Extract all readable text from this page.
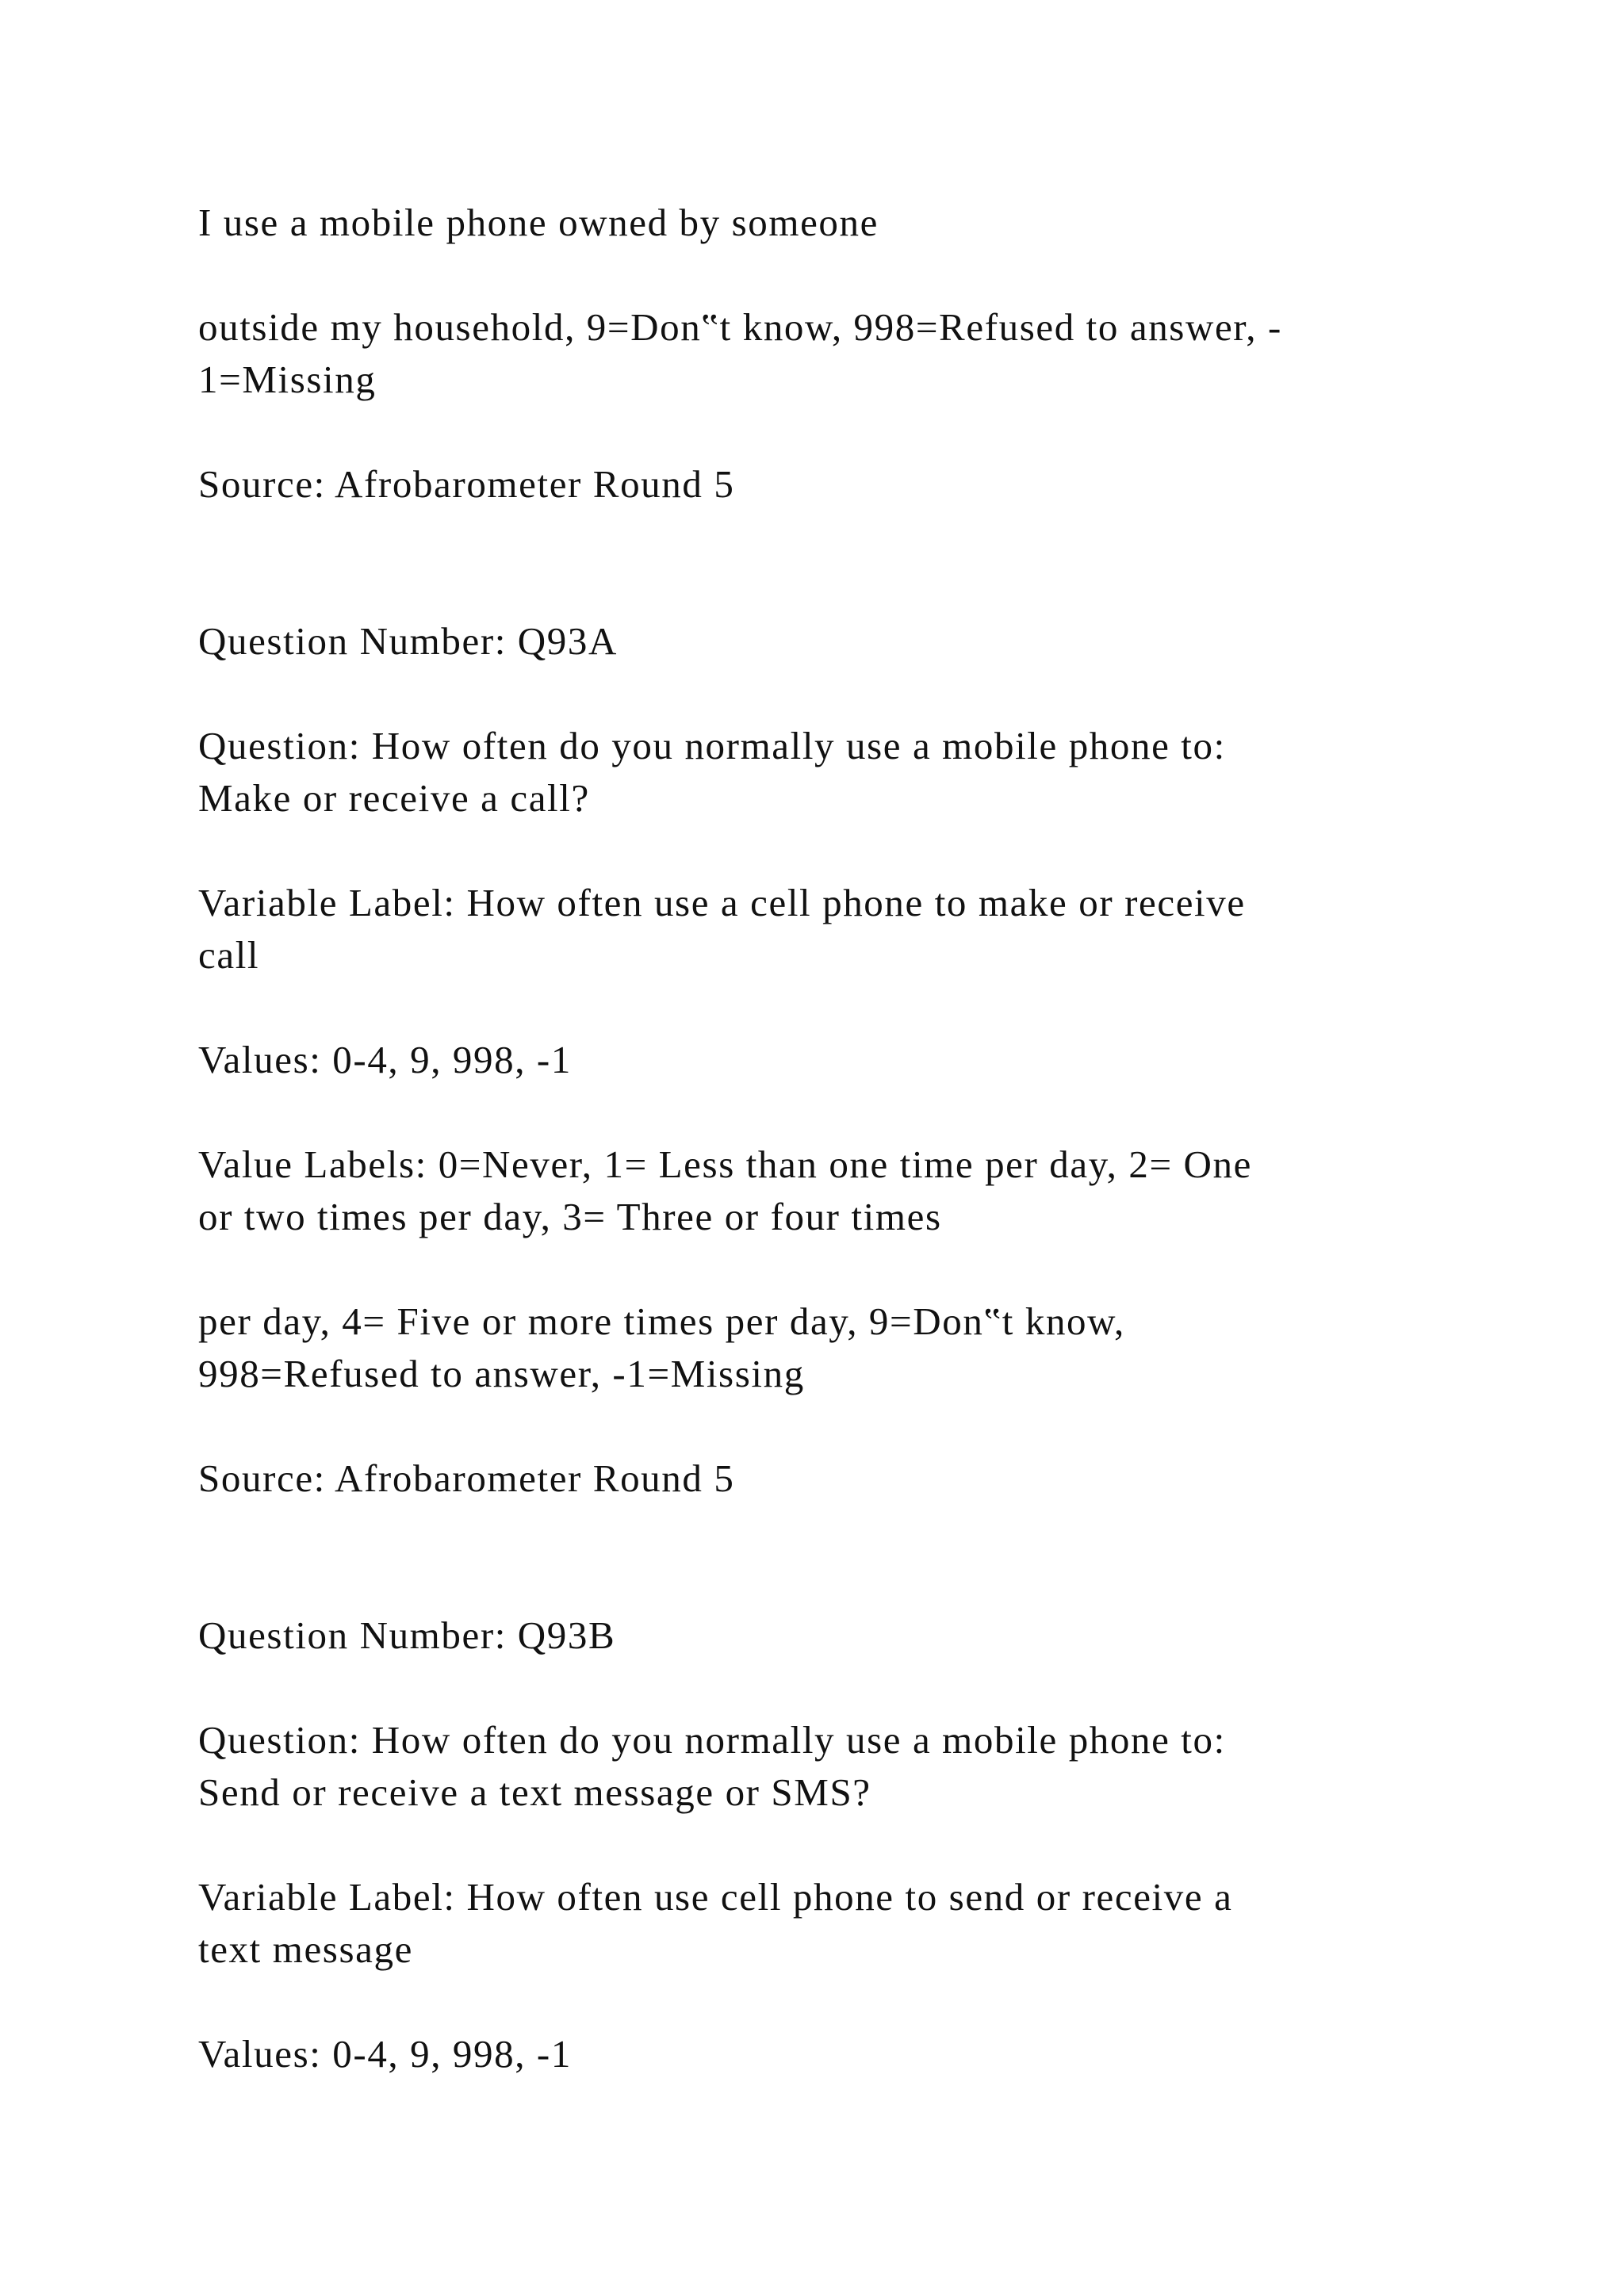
I use a mobile phone owned by someone

outside my household, 9=Don‟t know, 998=Refused to answer, -
1=Missing

Source: Afrobarometer Round 5

Question Number: Q93A

Question: How often do you normally use a mobile phone to:
Make or receive a call?

Variable Label: How often use a cell phone to make or receive
call

Values: 0-4, 9, 998, -1

Value Labels: 0=Never, 1= Less than one time per day, 2= One
or two times per day, 3= Three or four times

per day, 4= Five or more times per day, 9=Don‟t know,
998=Refused to answer, -1=Missing

Source: Afrobarometer Round 5

Question Number: Q93B

Question: How often do you normally use a mobile phone to:
Send or receive a text message or SMS?

Variable Label: How often use cell phone to send or receive a
text message

Values: 0-4, 9, 998, -1
